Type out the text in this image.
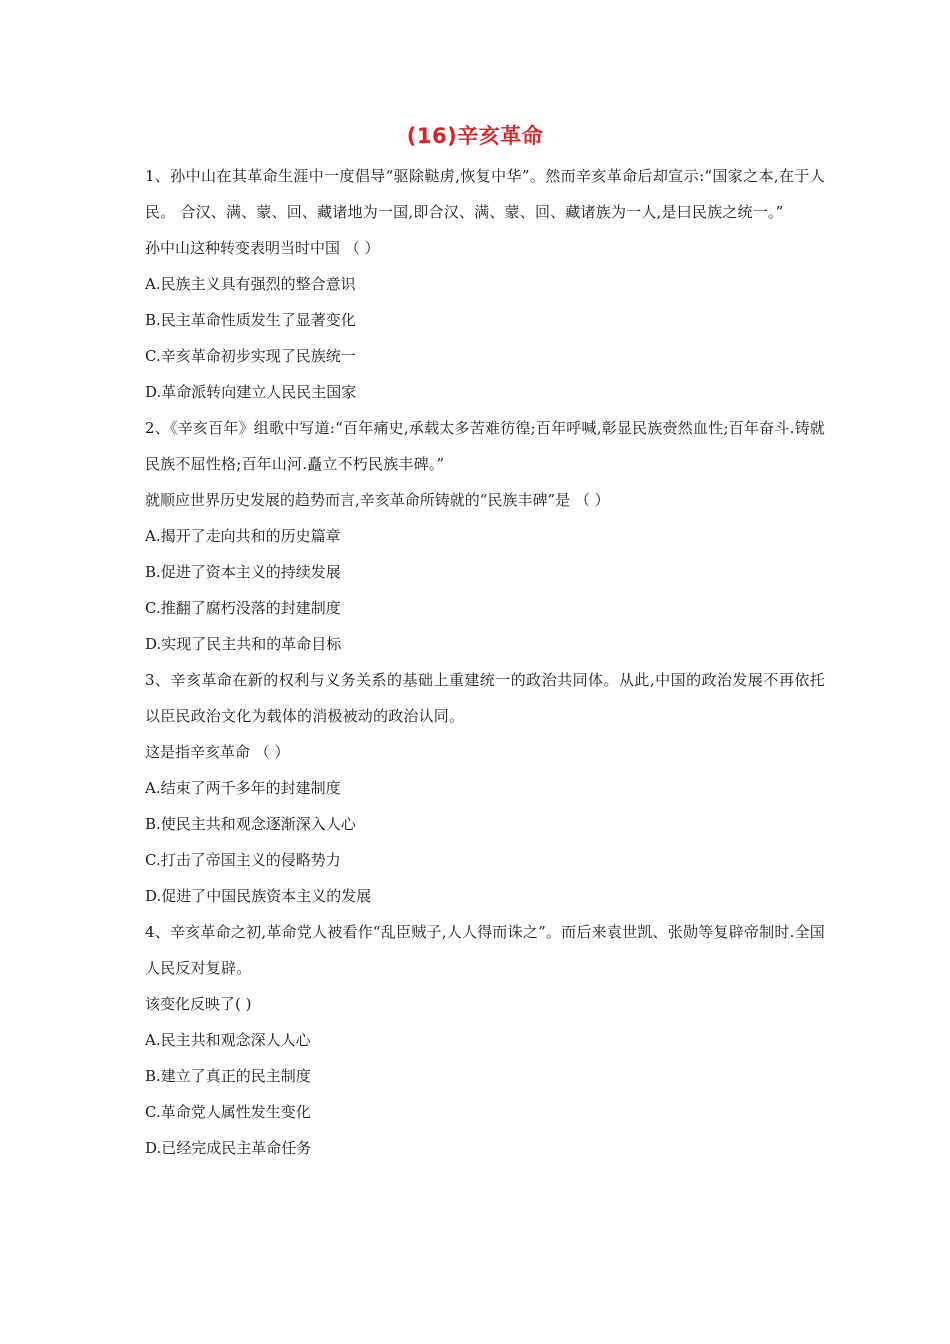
(16)辛亥革命

1、孙中山在其革命生涯中一度倡导“驱除鞑虏,恢复中华”。然而辛亥革命后却宣示:“国家之本,在于人民。 合汉、满、蒙、回、藏诸地为一国,即合汉、满、蒙、回、藏诸族为一人,是曰民族之统一。”

孙中山这种转变表明当时中国 （ ）

A.民族主义具有强烈的整合意识

B.民主革命性质发生了显著变化

C.辛亥革命初步实现了民族统一

D.革命派转向建立人民民主国家

2、《辛亥百年》组歌中写道:“百年痛史,承载太多苦难彷徨;百年呼喊,彰显民族赍然血性;百年奋斗.铸就民族不屈性格;百年山河.矗立不朽民族丰碑。”

就顺应世界历史发展的趋势而言,辛亥革命所铸就的“民族丰碑”是 （ ）

A.揭开了走向共和的历史篇章

B.促进了资本主义的持续发展

C.推翻了腐朽没落的封建制度

D.实现了民主共和的革命目标

3、辛亥革命在新的权利与义务关系的基础上重建统一的政治共同体。从此,中国的政治发展不再依托以臣民政治文化为载体的消极被动的政治认同。

这是指辛亥革命 （ ）

A.结束了两千多年的封建制度

B.使民主共和观念逐渐深入人心

C.打击了帝国主义的侵略势力

D.促进了中国民族资本主义的发展

4、辛亥革命之初,革命党人被看作“乱臣贼子,人人得而诛之”。而后来袁世凯、张勋等复辟帝制时.全国人民反对复辟。

该变化反映了( )

A.民主共和观念深人人心

B.建立了真正的民主制度

C.革命党人属性发生变化

D.已经完成民主革命任务
